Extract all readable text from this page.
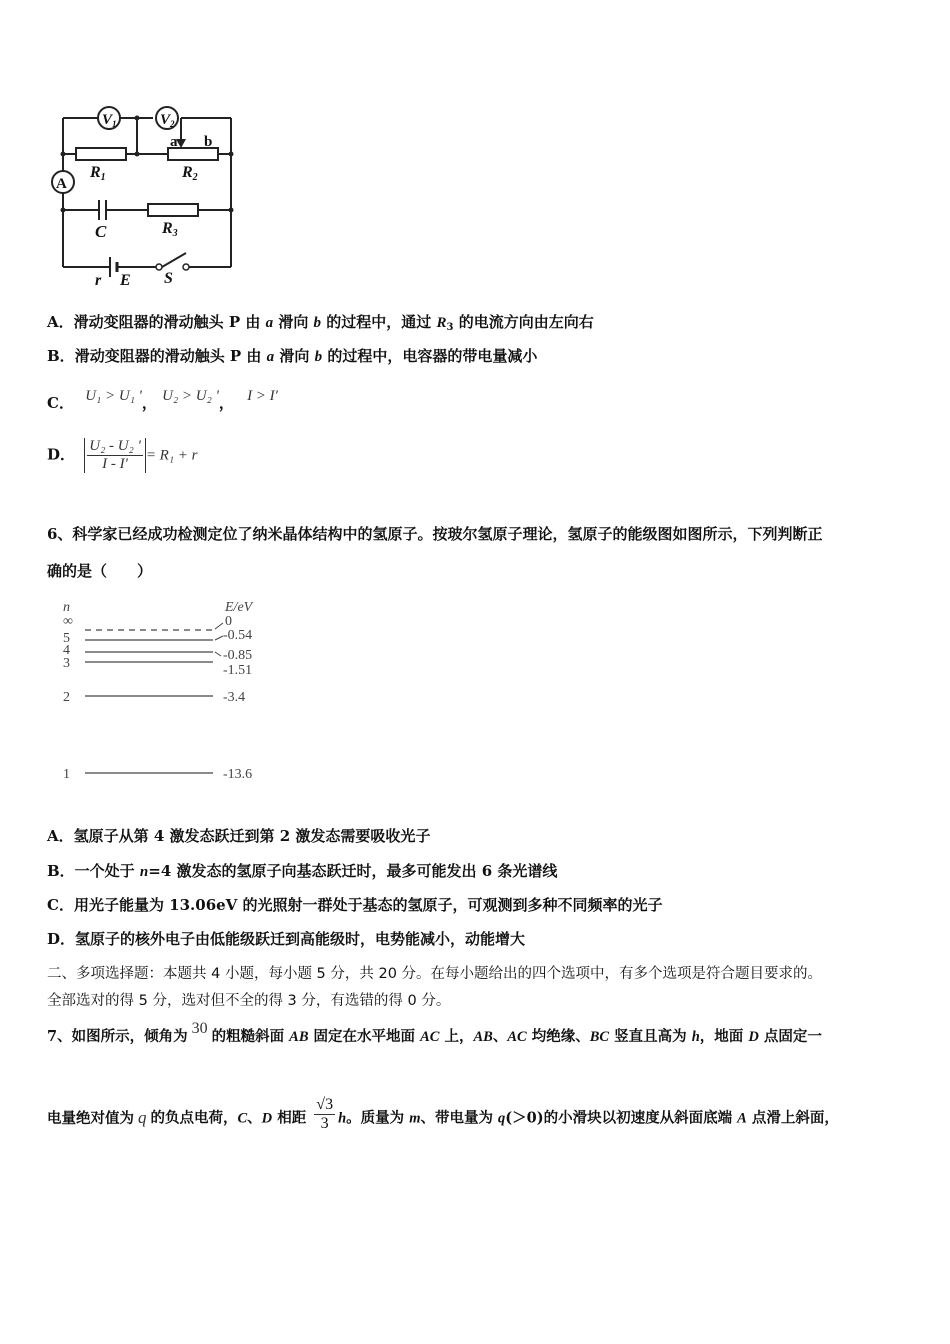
$V_1$	$V_2$
A
R1	R2
R3
C
a b
r E S
A．滑动变阻器的滑动触头 P 由 a 滑向 b 的过程中，通过 $R_3$ 的电流方向由左向右
B．滑动变阻器的滑动触头 P 由 a 滑向 b 的过程中，电容器的带电量减小
C． U₁ > U₁ '， U₂ > U₂ '， I > I′
D． $\frac{\text{U₂ - U₂ '}}{I - I'} = R_1 + r$
6、科学家已经成功检测定位了纳米晶体结构中的氢原子。按玻尔氢原子理论，氢原子的能级图如图所示，下列判断正
确的是（　　）
n	E/eV
∞	0
5	-0.54
4	-0.85
3	-1.51
2	-3.4
1	-13.6
A．氢原子从第 4 激发态跃迁到第 2 激发态需要吸收光子
B．一个处于 n=4 激发态的氢原子向基态跃迁时，最多可能发出 6 条光谱线
C．用光子能量为 13.06eV 的光照射一群处于基态的氢原子，可观测到多种不同频率的光子
D．氢原子的核外电子由低能级跃迁到高能级时，电势能减小，动能增大
二、多项选择题：本题共 4 小题，每小题 5 分，共 20 分。在每小题给出的四个选项中，有多个选项是符合题目要求的。
全部选对的得 5 分，选对但不全的得 3 分，有选错的得 0 分。
7、如图所示，倾角为 30 的粗糙斜面 AB 固定在水平地面 AC 上，AB、AC 均绝缘、BC 竖直且高为 h，地面 D 点固定一
电量绝对值为 q 的负点电荷，C、D 相距 $\frac{√3}{3}$ h。质量为 m、带电量为 q(＞0)的小滑块以初速度从斜面底端 A 点滑上斜面，
